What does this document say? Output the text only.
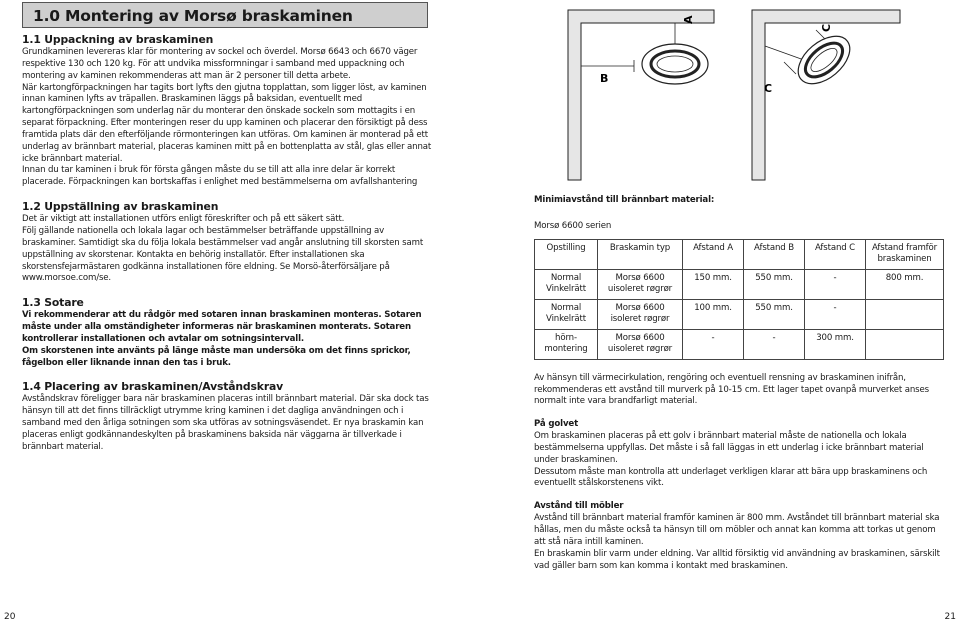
1.0 Montering av Morsø braskaminen
1.1 Uppackning av braskaminen

Grundkaminen levereras klar för montering av sockel och överdel. Morsø 6643 och 6670 väger respektive 130 och 120 kg. För att undvika missformningar i samband med uppackning och montering av kaminen rekommenderas att man är 2 personer till detta arbete.

När kartongförpackningen har tagits bort lyfts den gjutna topplattan, som ligger löst, av kaminen innan kaminen lyfts av träpallen. Braskaminen läggs på baksidan, eventuellt med kartongförpackningen som underlag när du monterar den önskade sockeln som mottagits i en separat förpackning. Efter monteringen reser du upp kaminen och placerar den försiktigt på dess framtida plats där den efterföljande rörmonteringen kan utföras. Om kaminen är monterad på ett underlag av brännbart material, placeras kaminen mitt på en bottenplatta av stål, glas eller annat icke brännbart material.

Innan du tar kaminen i bruk för första gången måste du se till att alla inre delar är korrekt placerade. Förpackningen kan bortskaffas i enlighet med bestämmelserna om avfallshantering

1.2 Uppställning av braskaminen

Det är viktigt att installationen utförs enligt föreskrifter och på ett säkert sätt.

Följ gällande nationella och lokala lagar och bestämmelser beträffande uppställning av braskaminer. Samtidigt ska du följa lokala bestämmelser vad angår anslutning till skorsten samt uppställning av skorstenar. Kontakta en behörig installatör. Efter installationen ska skorstensfejarmästaren godkänna installationen före eldning. Se Morsö-återförsäljare på www.morsoe.com/se.

1.3 Sotare

Vi rekommenderar att du rådgör med sotaren innan braskaminen monteras. Sotaren måste under alla omständigheter informeras när braskaminen monterats. Sotaren kontrollerar installationen och avtalar om sotningsintervall.

Om skorstenen inte använts på länge måste man undersöka om det finns sprickor, fågelbon eller liknande innan den tas i bruk.

1.4 Placering av braskaminen/Avståndskrav

Avståndskrav föreligger bara när braskaminen placeras intill brännbart material. Där ska dock tas hänsyn till att det finns tillräckligt utrymme kring kaminen i det dagliga användningen och i samband med den årliga sotningen som ska utföras av sotningsväsendet. Er nya braskamin kan placeras enligt godkännandeskylten på braskaminens baksida när väggarna är tillverkade i brännbart material.

A
B
C
C

Minimiavstånd till brännbart material:

Morsø 6600 serien

Opstilling	Braskamin typ	Afstand A	Afstand B	Afstand C	Afstand framför braskaminen
Normal Vinkelrätt	Morsø 6600 uisoleret røgrør	150 mm.	550 mm.	-	800 mm.
Normal Vinkelrätt	Morsø 6600 isoleret røgrør	100 mm.	550 mm.	-	
hörn-montering	Morsø 6600 uisoleret røgrør	-	-	300 mm.	

Av hänsyn till värmecirkulation, rengöring och eventuell rensning av braskaminen inifrån, rekommenderas ett avstånd till murverk på 10-15 cm. Ett lager tapet ovanpå murverket anses normalt inte vara brandfarligt material.

På golvet

Om braskaminen placeras på ett golv i brännbart material måste de nationella och lokala bestämmelserna uppfyllas. Det måste i så fall läggas in ett underlag i icke brännbart material under braskaminen.

Dessutom måste man kontrolla att underlaget verkligen klarar att bära upp braskaminens och eventuellt stålskorstenens vikt.

Avstånd till möbler

Avstånd till brännbart material framför kaminen är 800 mm. Avståndet till brännbart material ska hållas, men du måste också ta hänsyn till om möbler och annat kan komma att torkas ut genom att stå nära intill kaminen.

En braskamin blir varm under eldning. Var alltid försiktig vid användning av braskaminen, särskilt vad gäller barn som kan komma i kontakt med braskaminen.

20	21
